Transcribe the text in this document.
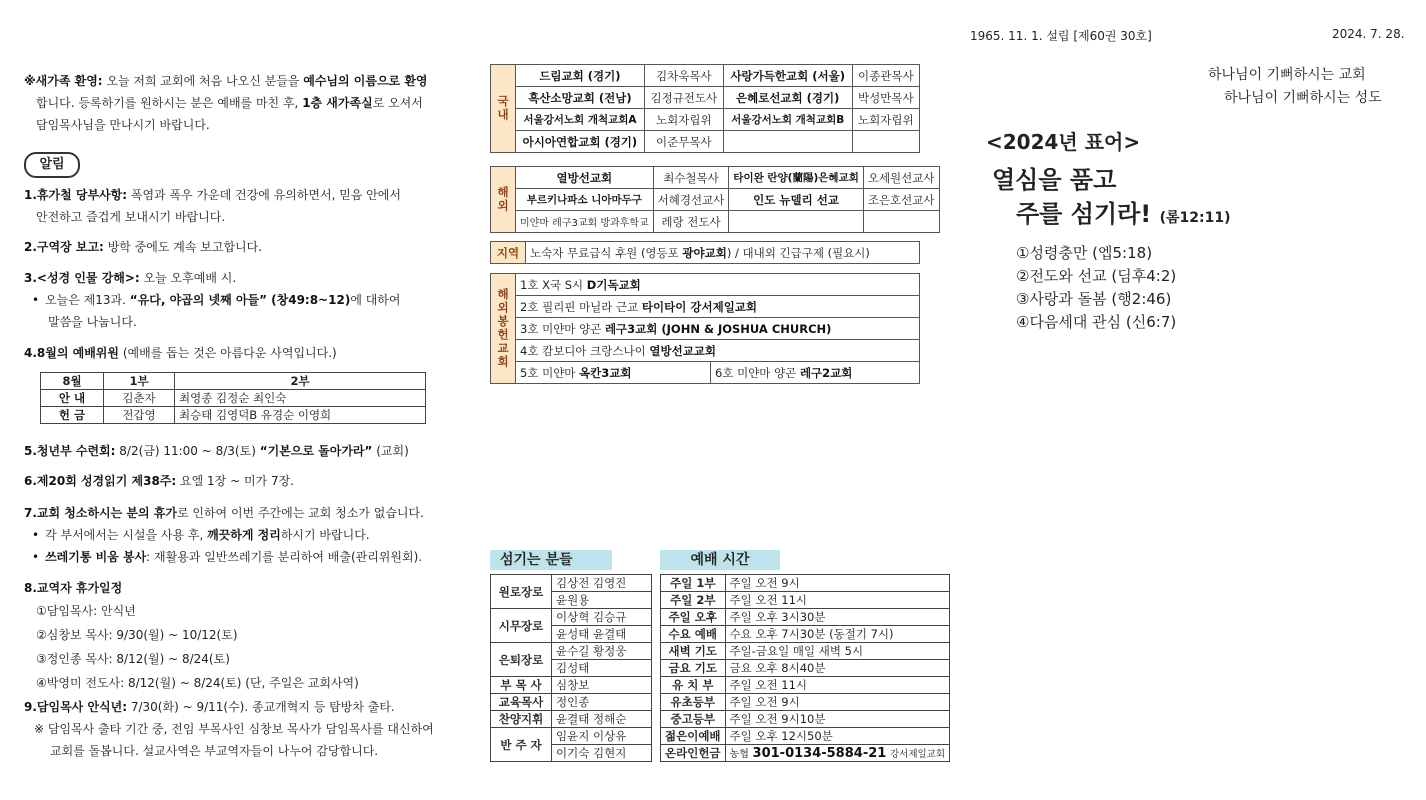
1965. 11. 1. 설립 [제60권 30호]	2024. 7. 28.
※새가족 환영: 오늘 저희 교회에 처음 나오신 분들을 예수님의 이름으로 환영
합니다. 등록하기를 원하시는 분은 예배를 마친 후, 1층 새가족실로 오셔서
담임목사님을 만나시기 바랍니다.
알림
1.휴가철 당부사항: 폭염과 폭우 가운데 건강에 유의하면서, 믿음 안에서
안전하고 즐겁게 보내시기 바랍니다.
2.구역장 보고: 방학 중에도 계속 보고합니다.
3.<성경 인물 강해>: 오늘 오후예배 시.
• 오늘은 제13과. “유다, 야곱의 넷째 아들” (창49:8~12)에 대하여
말씀을 나눕니다.
4.8월의 예배위원 (예배를 돕는 것은 아름다운 사역입니다.)
8월	1부	2부
안 내	김춘자	최영종 김정순 최인숙
헌 금	전갑영	최승태 김영덕B 유경순 이영희
5.청년부 수련회: 8/2(금) 11:00 ~ 8/3(토) “기본으로 돌아가라” (교회)
6.제20회 성경읽기 제38주: 요엘 1장 ~ 미가 7장.
7.교회 청소하시는 분의 휴가로 인하여 이번 주간에는 교회 청소가 없습니다.
• 각 부서에서는 시설을 사용 후, 깨끗하게 정리하시기 바랍니다.
• 쓰레기통 비움 봉사: 재활용과 일반쓰레기를 분리하여 배출(관리위원회).
8.교역자 휴가일정
①담임목사: 안식년
②심창보 목사: 9/30(월) ~ 10/12(토)
③정인종 목사: 8/12(월) ~ 8/24(토)
④박영미 전도사: 8/12(월) ~ 8/24(토) (단, 주일은 교회사역)
9.담임목사 안식년: 7/30(화) ~ 9/11(수). 종교개혁지 등 탐방차 출타.
※ 담임목사 출타 기간 중, 전임 부목사인 심창보 목사가 담임목사를 대신하여
교회를 돌봅니다. 설교사역은 부교역자들이 나누어 감당합니다.
국내	드림교회 (경기)	김차욱목사	사랑가득한교회 (서울)	이종관목사
	흑산소망교회 (전남)	김정규전도사	은혜로선교회 (경기)	박성만목사
	서울강서노회 개척교회A	노회자립위	서울강서노회 개척교회B	노회자립위
	아시아연합교회 (경기)	이준무목사		
해외	열방선교회	최수철목사	타이완 란양(蘭陽)은혜교회	오세원선교사
	부르키나파소 니아마두구	서혜경선교사	인도 뉴델리 선교	조은호선교사
	미얀마 레구3교회 방과후학교	레랑 전도사		
지역	노숙자 무료급식 후원 (영등포 광야교회) / 대내외 긴급구제 (필요시)
해외봉헌교회	1호 X국 S시 D기독교회	
	2호 필리핀 마닐라 근교 타이타이 강서제일교회	
	3호 미얀마 양곤 레구3교회 (JOHN & JOSHUA CHURCH)	
	4호 캄보디아 크랑스나이 열방선교교회	
	5호 미얀마 옥칸3교회	6호 미얀마 양곤 레구2교회
섬기는 분들
원로장로	김상전 김영진
	윤원용
시무장로	이상혁 김승규
	윤성태 윤결태
은퇴장로	윤수길 황정웅
	김성태
부 목 사	심창보
교육목사	정인종
찬양지휘	윤결태 정해순
반 주 자	임윤지 이상유
	이기숙 김현지
예배 시간
주일 1부	주일 오전 9시
주일 2부	주일 오전 11시
주일 오후	주일 오후 3시30분
수요 예배	수요 오후 7시30분 (동절기 7시)
새벽 기도	주일-금요일 매일 새벽 5시
금요 기도	금요 오후 8시40분
유 치 부	주일 오전 11시
유초등부	주일 오전 9시
중고등부	주일 오전 9시10분
젊은이예배	주일 오후 12시50분
온라인헌금	농협 301-0134-5884-21 강서제일교회
하나님이 기뻐하시는 교회
하나님이 기뻐하시는 성도
<2024년 표어>
열심을 품고
주를 섬기라! (롬12:11)
①성령충만 (엡5:18)
②전도와 선교 (딤후4:2)
③사랑과 돌봄 (행2:46)
④다음세대 관심 (신6:7)
